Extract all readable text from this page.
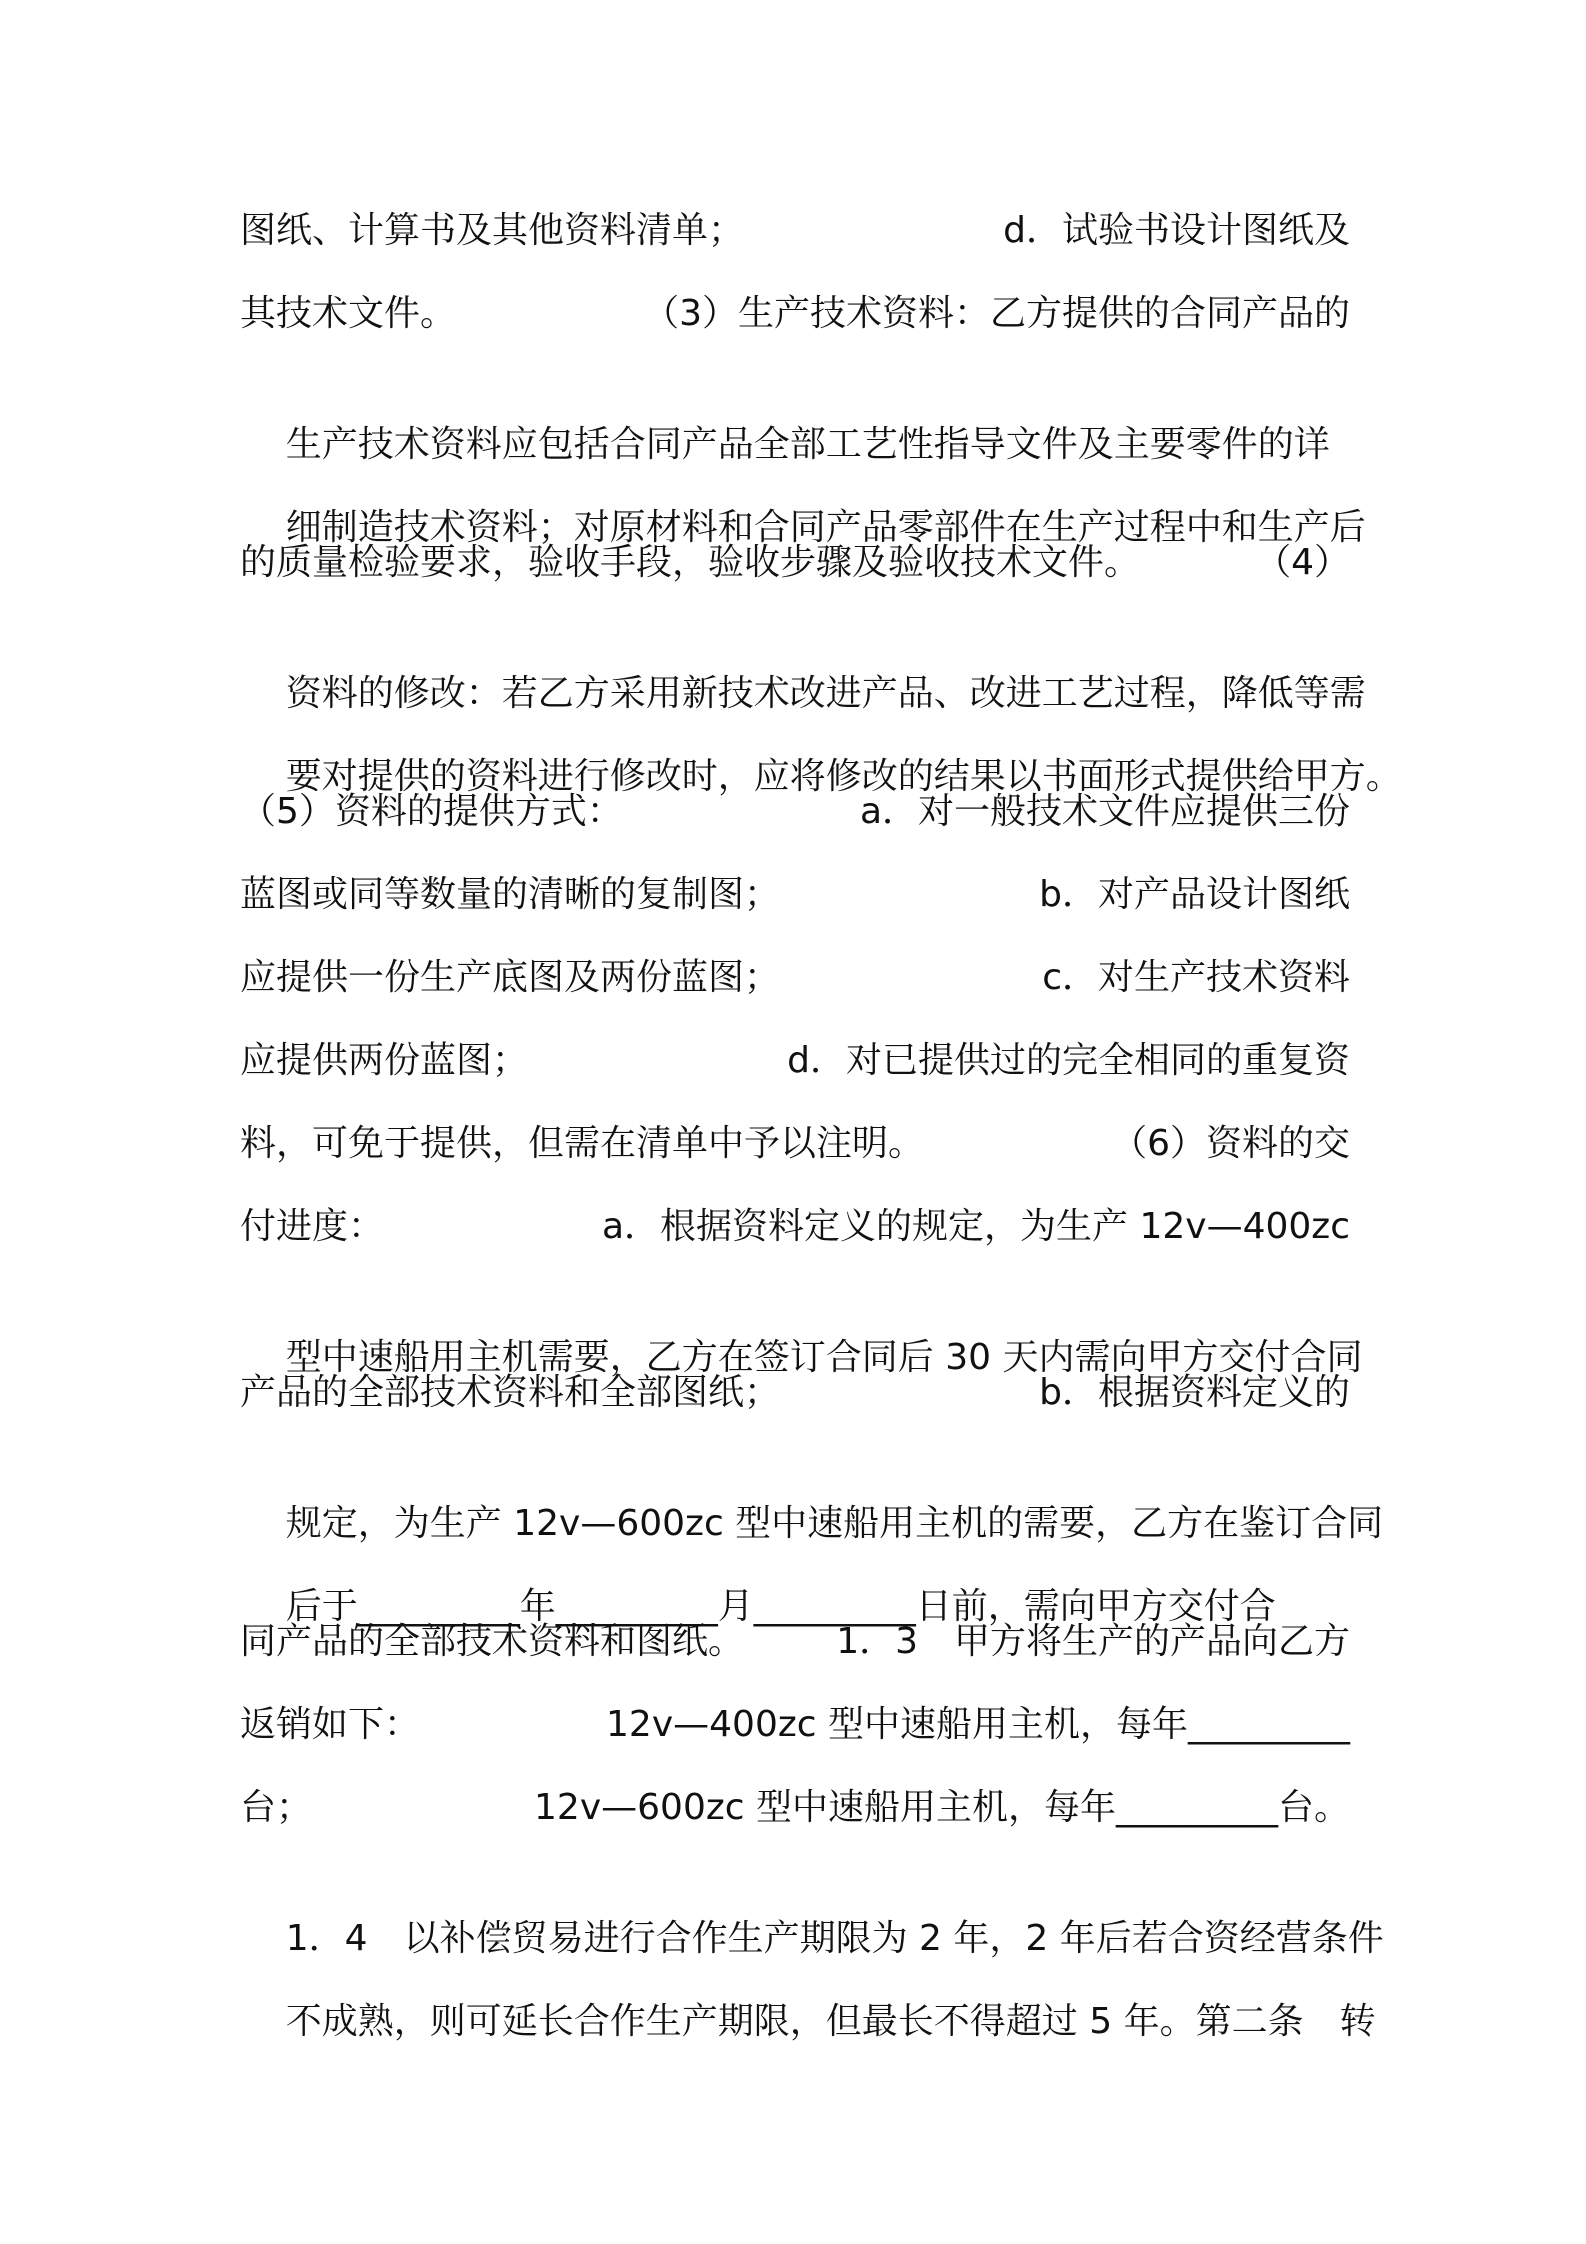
图纸、计算书及其他资料清单；	d．试验书设计图纸及
其技术文件。	（3）生产技术资料：乙方提供的合同产品的

生产技术资料应包括合同产品全部工艺性指导文件及主要零件的详

细制造技术资料；对原材料和合同产品零部件在生产过程中和生产后

的质量检验要求，验收手段，验收步骤及验收技术文件。	（4）

资料的修改：若乙方采用新技术改进产品、改进工艺过程，降低等需

要对提供的资料进行修改时，应将修改的结果以书面形式提供给甲方。

（5）资料的提供方式：	a．对一般技术文件应提供三份
蓝图或同等数量的清晰的复制图；	b．对产品设计图纸
应提供一份生产底图及两份蓝图；	c．对生产技术资料
应提供两份蓝图；	d．对已提供过的完全相同的重复资
料，可免于提供，但需在清单中予以注明。	（6）资料的交
付进度：	a．根据资料定义的规定，为生产 12v—400zc

型中速船用主机需要，乙方在签订合同后 30 天内需向甲方交付合同

产品的全部技术资料和全部图纸；	b．根据资料定义的

规定，为生产 12v—600zc 型中速船用主机的需要，乙方在鉴订合同

后于_________年_________月_________日前，需向甲方交付合

同产品的全部技术资料和图纸。	1．3　甲方将生产的产品向乙方
返销如下：	12v—400zc 型中速船用主机，每年_________
台；	12v—600zc 型中速船用主机，每年_________台。

1．4　以补偿贸易进行合作生产期限为 2 年，2 年后若合资经营条件

不成熟，则可延长合作生产期限，但最长不得超过 5 年。第二条　转
